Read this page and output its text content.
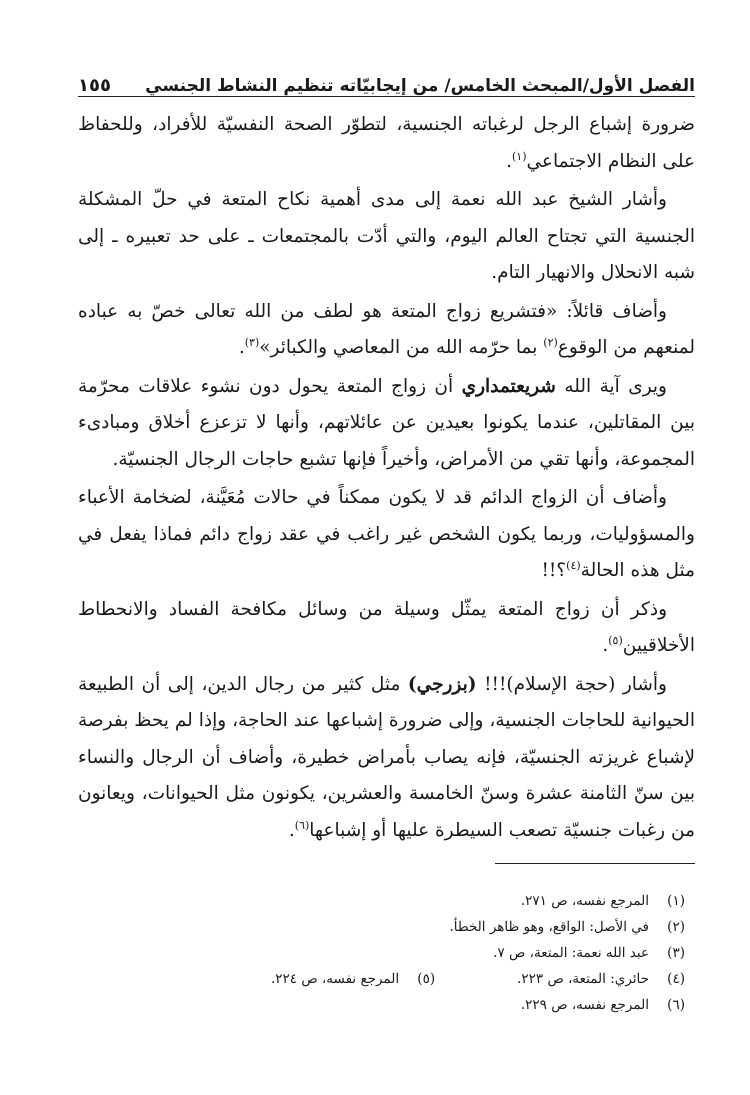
الفصل الأول/المبحث الخامس/ من إيجابيّاته تنظيم النشاط الجنسي
١٥٥

ضرورة إشباع الرجل لرغباته الجنسية، لتطوّر الصحة النفسيّة للأفراد، وللحفاظ على النظام الاجتماعي$^{(١)}$.

وأشار الشيخ عبد الله نعمة إلى مدى أهمية نكاح المتعة في حلّ المشكلة الجنسية التي تجتاح العالم اليوم، والتي أدّت بالمجتمعات ـ على حد تعبيره ـ إلى شبه الانحلال والانهيار التام.

وأضاف قائلاً: «فتشريع زواج المتعة هو لطف من الله تعالى خصّ به عباده لمنعهم من الوقوع$^{(٢)}$ بما حرّمه الله من المعاصي والكبائر»$^{(٣)}$.

ويرى آية الله شريعتمداري أن زواج المتعة يحول دون نشوء علاقات محرّمة بين المقاتلين، عندما يكونوا بعيدين عن عائلاتهم، وأنها لا تزعزع أخلاق ومبادىء المجموعة، وأنها تقي من الأمراض، وأخيراً فإنها تشبع حاجات الرجال الجنسيّة.

وأضاف أن الزواج الدائم قد لا يكون ممكناً في حالات مُعَيَّنة، لضخامة الأعباء والمسؤوليات، وربما يكون الشخص غير راغب في عقد زواج دائم فماذا يفعل في مثل هذه الحالة$^{(٤)}$؟!!

وذكر أن زواج المتعة يمثّل وسيلة من وسائل مكافحة الفساد والانحطاط الأخلاقيين$^{(٥)}$.

وأشار (حجة الإسلام)!!! (بزرجي) مثل كثير من رجال الدين، إلى أن الطبيعة الحيوانية للحاجات الجنسية، وإلى ضرورة إشباعها عند الحاجة، وإذا لم يحظ بفرصة لإشباع غريزته الجنسيّة، فإنه يصاب بأمراض خطيرة، وأضاف أن الرجال والنساء بين سنّ الثامنة عشرة وسنّ الخامسة والعشرين، يكونون مثل الحيوانات، ويعانون من رغبات جنسيّة تصعب السيطرة عليها أو إشباعها$^{(٦)}$.

(١)المرجع نفسه، ص ٢٧١.
(٢)في الأصل: الواقع، وهو ظاهر الخطأ.
(٣)عبد الله نعمة: المتعة، ص ٧.
(٤)حائري: المتعة، ص ٢٢٣.
(٥)المرجع نفسه، ص ٢٢٤.
(٦)المرجع نفسه، ص ٢٢٩.
